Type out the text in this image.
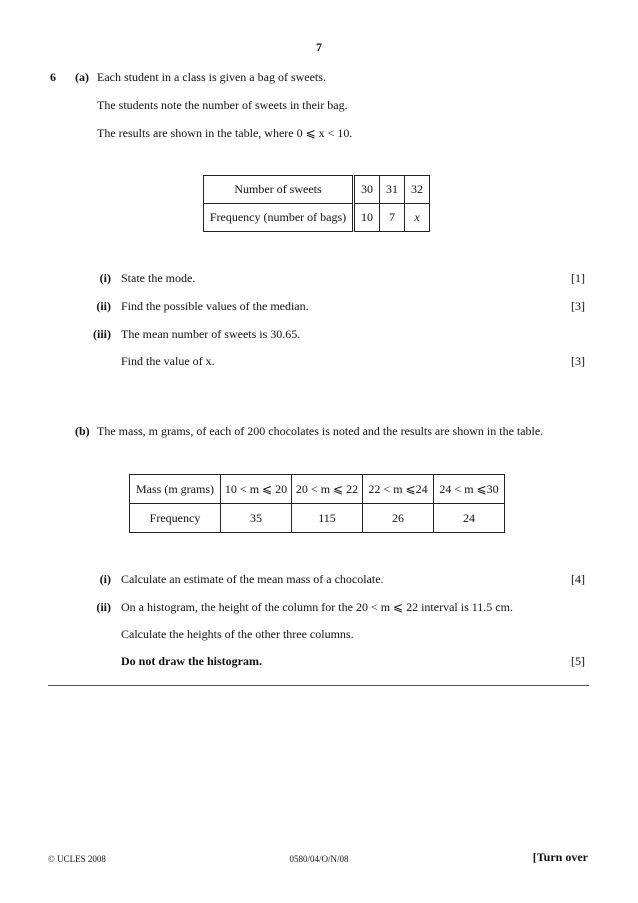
7
6 (a) Each student in a class is given a bag of sweets.
The students note the number of sweets in their bag.
The results are shown in the table, where 0 ⩽ x < 10.
Number of sweets	30	31	32
Frequency (number of bags)	10	7	x
(i) State the mode.	[1]
(ii) Find the possible values of the median.	[3]
(iii) The mean number of sweets is 30.65.
Find the value of x.	[3]
(b) The mass, m grams, of each of 200 chocolates is noted and the results are shown in the table.
Mass (m grams)	10 < m ⩽ 20	20 < m ⩽ 22	22 < m ⩽24	24 < m ⩽30
Frequency	35	115	26	24
(i) Calculate an estimate of the mean mass of a chocolate.	[4]
(ii) On a histogram, the height of the column for the 20 < m ⩽ 22 interval is 11.5 cm.
Calculate the heights of the other three columns.
Do not draw the histogram.	[5]
© UCLES 2008	0580/04/O/N/08	[Turn over
